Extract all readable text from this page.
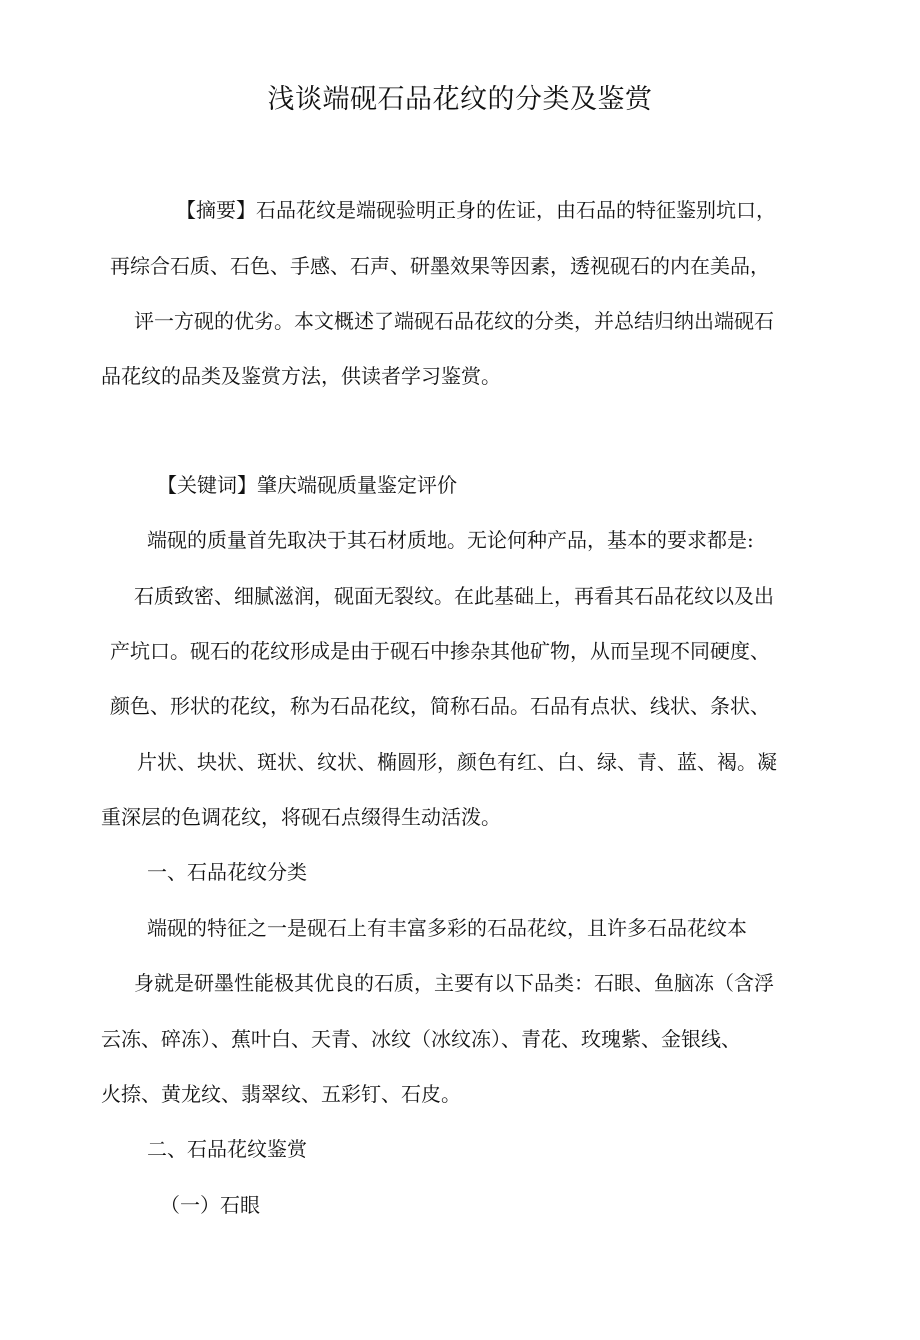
浅谈端砚石品花纹的分类及鉴赏
【摘要】石品花纹是端砚验明正身的佐证，由石品的特征鉴别坑口，
再综合石质、石色、手感、石声、研墨效果等因素，透视砚石的内在美品，
评一方砚的优劣。本文概述了端砚石品花纹的分类，并总结归纳出端砚石
品花纹的品类及鉴赏方法，供读者学习鉴赏。
【关键词】肇庆端砚质量鉴定评价
端砚的质量首先取决于其石材质地。无论何种产品，基本的要求都是:
石质致密、细腻滋润，砚面无裂纹。在此基础上，再看其石品花纹以及出
产坑口。砚石的花纹形成是由于砚石中掺杂其他矿物，从而呈现不同硬度、
颜色、形状的花纹，称为石品花纹，简称石品。石品有点状、线状、条状、
片状、块状、斑状、纹状、椭圆形，颜色有红、白、绿、青、蓝、褐。凝
重深层的色调花纹，将砚石点缀得生动活泼。
一、石品花纹分类
端砚的特征之一是砚石上有丰富多彩的石品花纹，且许多石品花纹本
身就是研墨性能极其优良的石质，主要有以下品类：石眼、鱼脑冻（含浮
云冻、碎冻）、蕉叶白、天青、冰纹（冰纹冻）、青花、玫瑰紫、金银线、
火捺、黄龙纹、翡翠纹、五彩钉、石皮。
二、石品花纹鉴赏
（一）石眼
